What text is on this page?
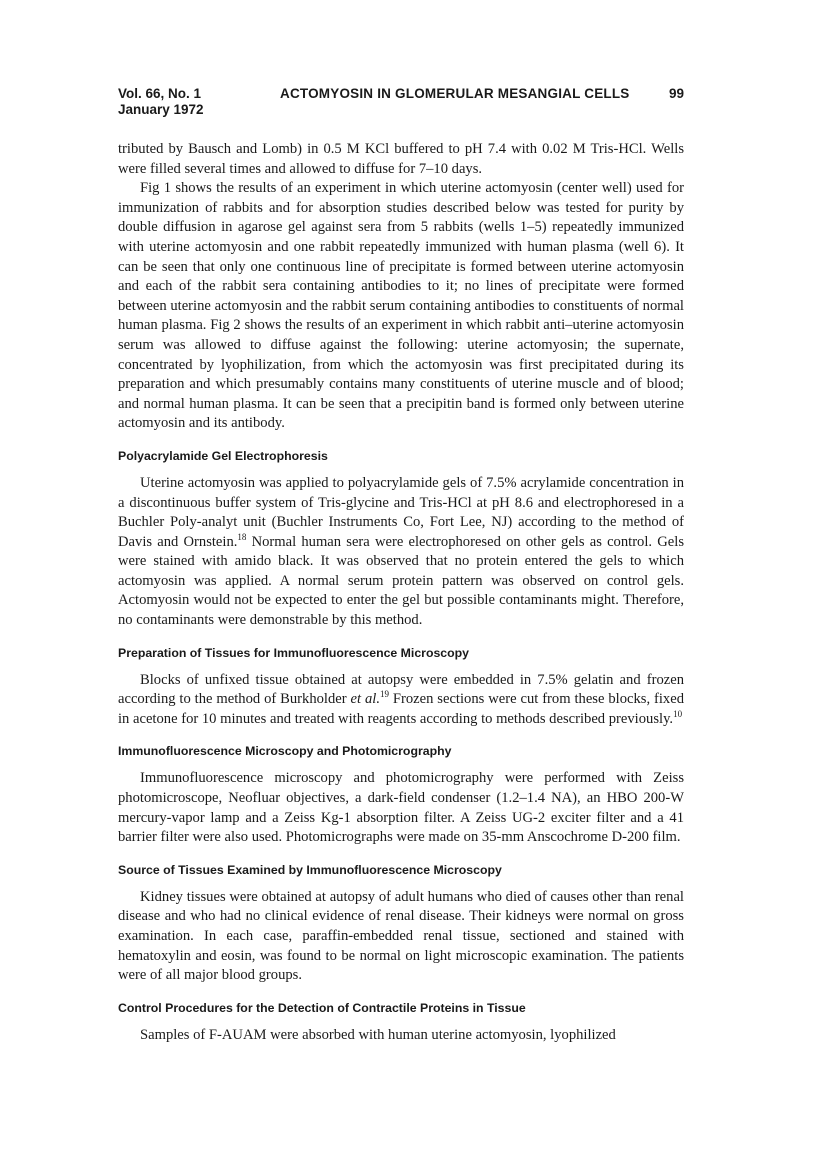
Vol. 66, No. 1
January 1972
ACTOMYOSIN IN GLOMERULAR MESANGIAL CELLS	99

tributed by Bausch and Lomb) in 0.5 M KCl buffered to pH 7.4 with 0.02 M Tris-HCl. Wells were filled several times and allowed to diffuse for 7–10 days.

Fig 1 shows the results of an experiment in which uterine actomyosin (center well) used for immunization of rabbits and for absorption studies described below was tested for purity by double diffusion in agarose gel against sera from 5 rabbits (wells 1–5) repeatedly immunized with uterine actomyosin and one rabbit repeatedly immunized with human plasma (well 6). It can be seen that only one continuous line of precipitate is formed between uterine actomyosin and each of the rabbit sera containing antibodies to it; no lines of precipitate were formed between uterine actomyosin and the rabbit serum containing antibodies to constituents of normal human plasma. Fig 2 shows the results of an experiment in which rabbit anti–uterine actomyosin serum was allowed to diffuse against the following: uterine actomyosin; the supernate, concentrated by lyophilization, from which the actomyosin was first precipitated during its preparation and which presumably contains many constituents of uterine muscle and of blood; and normal human plasma. It can be seen that a precipitin band is formed only between uterine actomyosin and its antibody.

Polyacrylamide Gel Electrophoresis

Uterine actomyosin was applied to polyacrylamide gels of 7.5% acrylamide concentration in a discontinuous buffer system of Tris-glycine and Tris-HCl at pH 8.6 and electrophoresed in a Buchler Poly-analyt unit (Buchler Instruments Co, Fort Lee, NJ) according to the method of Davis and Ornstein.$^{18}$ Normal human sera were electrophoresed on other gels as control. Gels were stained with amido black. It was observed that no protein entered the gels to which actomyosin was applied. A normal serum protein pattern was observed on control gels. Actomyosin would not be expected to enter the gel but possible contaminants might. Therefore, no contaminants were demonstrable by this method.

Preparation of Tissues for Immunofluorescence Microscopy

Blocks of unfixed tissue obtained at autopsy were embedded in 7.5% gelatin and frozen according to the method of Burkholder et al.$^{19}$ Frozen sections were cut from these blocks, fixed in acetone for 10 minutes and treated with reagents according to methods described previously.$^{10}$

Immunofluorescence Microscopy and Photomicrography

Immunofluorescence microscopy and photomicrography were performed with Zeiss photomicroscope, Neofluar objectives, a dark-field condenser (1.2–1.4 NA), an HBO 200-W mercury-vapor lamp and a Zeiss Kg-1 absorption filter. A Zeiss UG-2 exciter filter and a 41 barrier filter were also used. Photomicrographs were made on 35-mm Anscochrome D-200 film.

Source of Tissues Examined by Immunofluorescence Microscopy

Kidney tissues were obtained at autopsy of adult humans who died of causes other than renal disease and who had no clinical evidence of renal disease. Their kidneys were normal on gross examination. In each case, paraffin-embedded renal tissue, sectioned and stained with hematoxylin and eosin, was found to be normal on light microscopic examination. The patients were of all major blood groups.

Control Procedures for the Detection of Contractile Proteins in Tissue

Samples of F-AUAM were absorbed with human uterine actomyosin, lyophilized
